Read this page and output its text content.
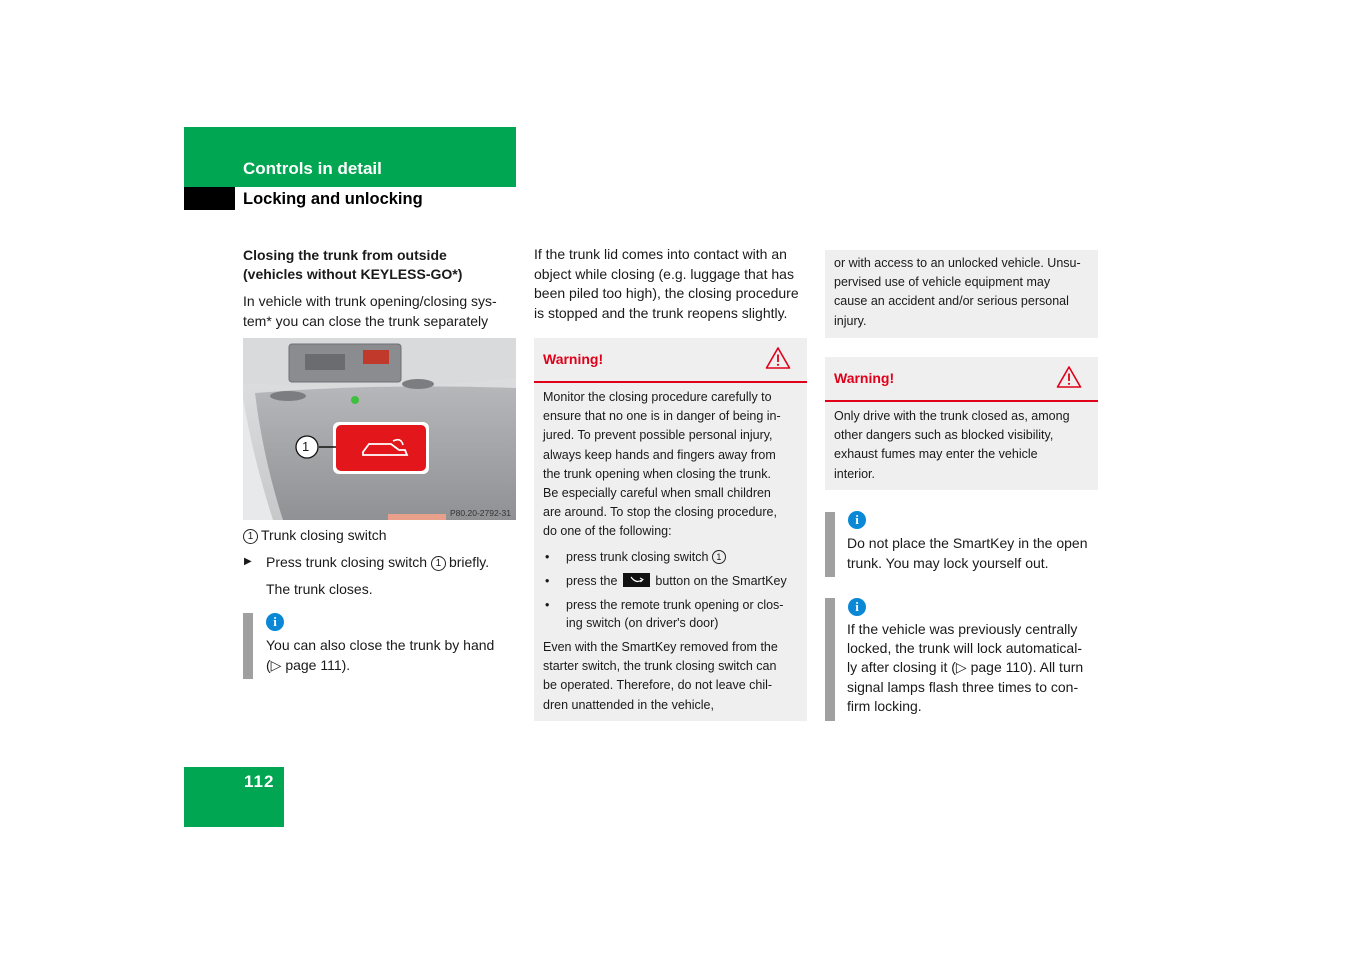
Controls in detail
Locking and unlocking
Closing the trunk from outside
(vehicles without KEYLESS-GO*)
In vehicle with trunk opening/closing sys-
tem* you can close the trunk separately
1
P80.20-2792-31
1 Trunk closing switch
▶ Press trunk closing switch 1 briefly.
The trunk closes.
i
You can also close the trunk by hand
(▷ page 111).
If the trunk lid comes into contact with an
object while closing (e.g. luggage that has
been piled too high), the closing procedure
is stopped and the trunk reopens slightly.
Warning!
Monitor the closing procedure carefully to
ensure that no one is in danger of being in-
jured. To prevent possible personal injury,
always keep hands and fingers away from
the trunk opening when closing the trunk.
Be especially careful when small children
are around. To stop the closing procedure,
do one of the following:
• press trunk closing switch 1
• press the	button on the SmartKey
• press the remote trunk opening or clos-
ing switch (on driver's door)
Even with the SmartKey removed from the
starter switch, the trunk closing switch can
be operated. Therefore, do not leave chil-
dren unattended in the vehicle,
or with access to an unlocked vehicle. Unsu-
pervised use of vehicle equipment may
cause an accident and/or serious personal
injury.
Warning!
Only drive with the trunk closed as, among
other dangers such as blocked visibility,
exhaust fumes may enter the vehicle
interior.
i
Do not place the SmartKey in the open
trunk. You may lock yourself out.
i
If the vehicle was previously centrally
locked, the trunk will lock automatical-
ly after closing it (▷ page 110). All turn
signal lamps flash three times to con-
firm locking.
112
